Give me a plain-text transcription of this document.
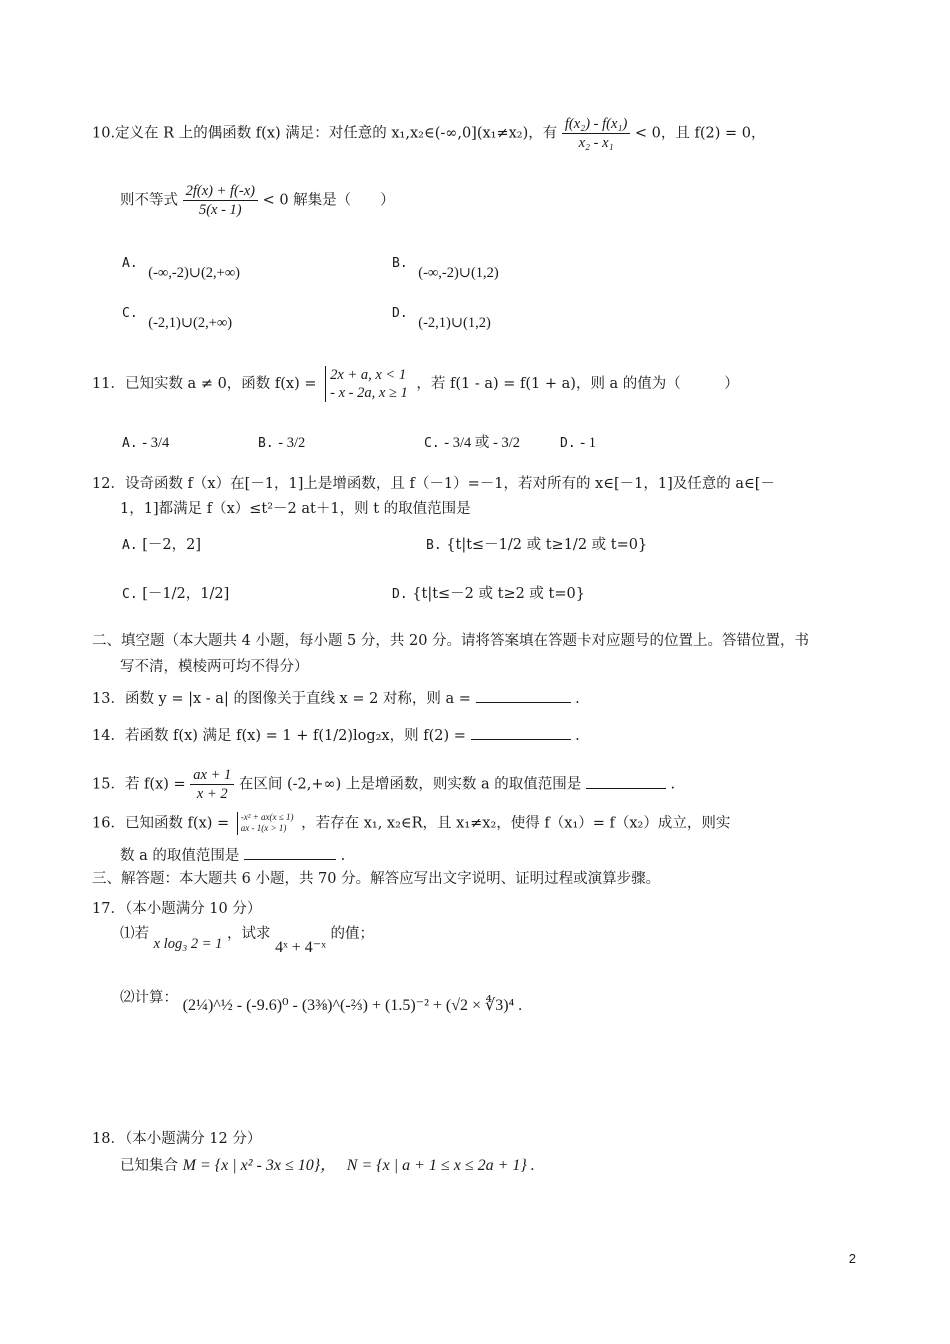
10.定义在 R 上的偶函数 f(x) 满足：对任意的 x₁,x₂∈(-∞,0](x₁≠x₂)，有 $\frac{\text{f(x₂) - f(x₁)}}{\text{x₂ - x₁}} < 0$，且 f(2) = 0，
则不等式 $\frac{2f(x) + f(-x)}{5(x - 1)} < 0$ 解集是（　　）
A. (-∞,-2)∪(2,+∞)
B. (-∞,-2)∪(1,2)
C. (-2,1)∪(2,+∞)
D. (-2,1)∪(1,2)
11．已知实数 a ≠ 0，函数 f(x) =
2x + a, x < 1
- x - 2a, x ≥ 1
，若 f(1 - a) = f(1 + a)，则 a 的值为（　　　）
A. - 3/4	B. - 3/2	C. - 3/4 或 - 3/2	D. - 1
12．设奇函数 f（x）在[－1，1]上是增函数，且 f（－1）=－1，若对所有的 x∈[－1，1]及任意的 a∈[－
1，1]都满足 f（x）≤t²－2 at＋1，则 t 的取值范围是
A. [－2，2]	B. {t|t≤－1/2 或 t≥1/2 或 t=0}
C. [－1/2，1/2]	D. {t|t≤－2 或 t≥2 或 t=0}
二、填空题（本大题共 4 小题，每小题 5 分，共 20 分。请将答案填在答题卡对应题号的位置上。答错位置，书
写不清，模棱两可均不得分）
13．函数 y = |x - a| 的图像关于直线 x = 2 对称，则 a =	.
14．若函数 f(x) 满足 f(x) = 1 + f(1/2)log₂x，则 f(2) =	.
15．若 $f(x) = \frac{ax + 1}{x + 2}$ 在区间 (-2,+∞) 上是增函数，则实数 a 的取值范围是	.
16．已知函数 f(x) = -x² + ax(x ≤ 1)
ax - 1(x > 1)	，若存在 x₁, x₂∈R，且 x₁≠x₂，使得 f（x₁）= f（x₂）成立，则实
数 a 的取值范围是	.
三、解答题：本大题共 6 小题，共 70 分。解答应写出文字说明、证明过程或演算步骤。
17．（本小题满分 10 分）
⑴若 x log₃ 2 = 1 ，试求 4ˣ + 4⁻ˣ 的值；
⑵计算： (2¼)^½ - (-9.6)⁰ - (3⅜)^(-⅔) + (1.5)⁻² + (√2 × ∜3)⁴ .
18．（本小题满分 12 分）
已知集合 M = {x | x² - 3x ≤ 10}， N = {x | a + 1 ≤ x ≤ 2a + 1} .
2
